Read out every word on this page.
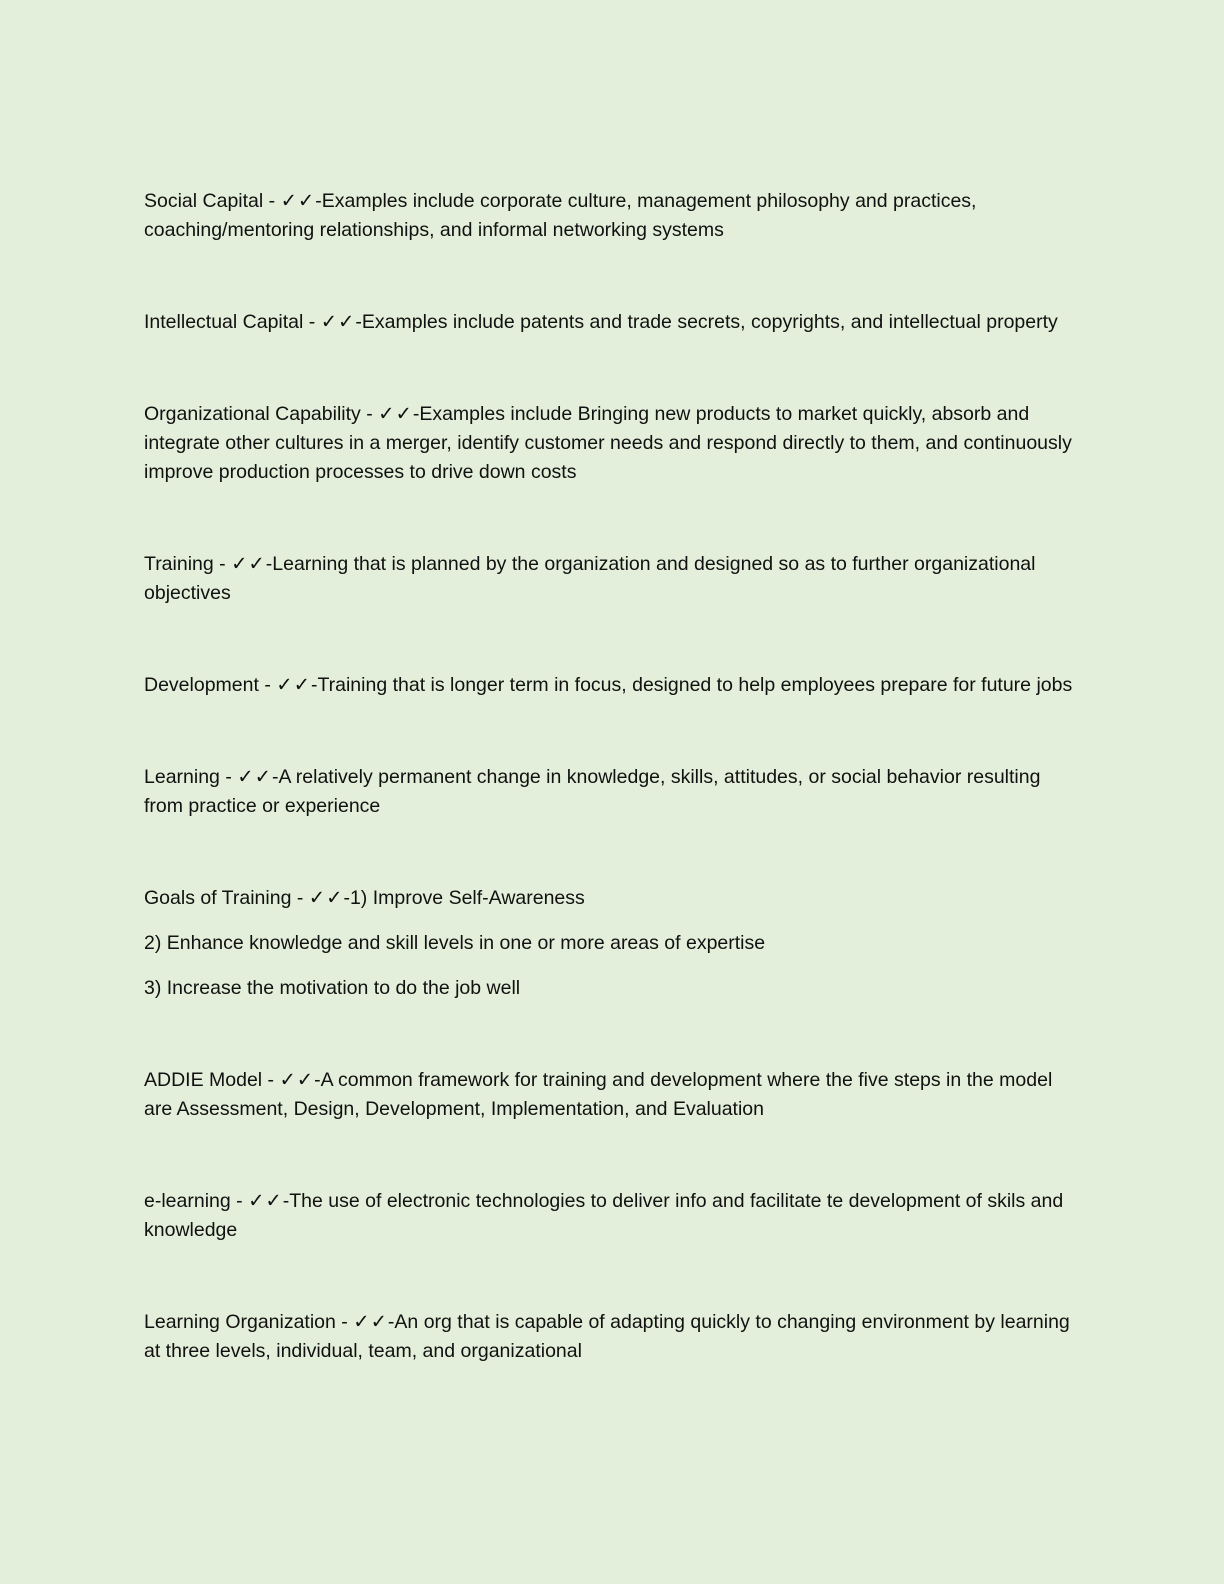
Social Capital - ✓✓-Examples include corporate culture, management philosophy and practices, coaching/mentoring relationships, and informal networking systems

Intellectual Capital - ✓✓-Examples include patents and trade secrets, copyrights, and intellectual property

Organizational Capability - ✓✓-Examples include Bringing new products to market quickly, absorb and integrate other cultures in a merger, identify customer needs and respond directly to them, and continuously improve production processes to drive down costs

Training - ✓✓-Learning that is planned by the organization and designed so as to further organizational objectives

Development - ✓✓-Training that is longer term in focus, designed to help employees prepare for future jobs

Learning - ✓✓-A relatively permanent change in knowledge, skills, attitudes, or social behavior resulting from practice or experience

Goals of Training - ✓✓-1) Improve Self-Awareness
2) Enhance knowledge and skill levels in one or more areas of expertise
3) Increase the motivation to do the job well

ADDIE Model - ✓✓-A common framework for training and development where the five steps in the model are Assessment, Design, Development, Implementation, and Evaluation

e-learning - ✓✓-The use of electronic technologies to deliver info and facilitate te development of skils and knowledge

Learning Organization - ✓✓-An org that is capable of adapting quickly to changing environment by learning at three levels, individual, team, and organizational
